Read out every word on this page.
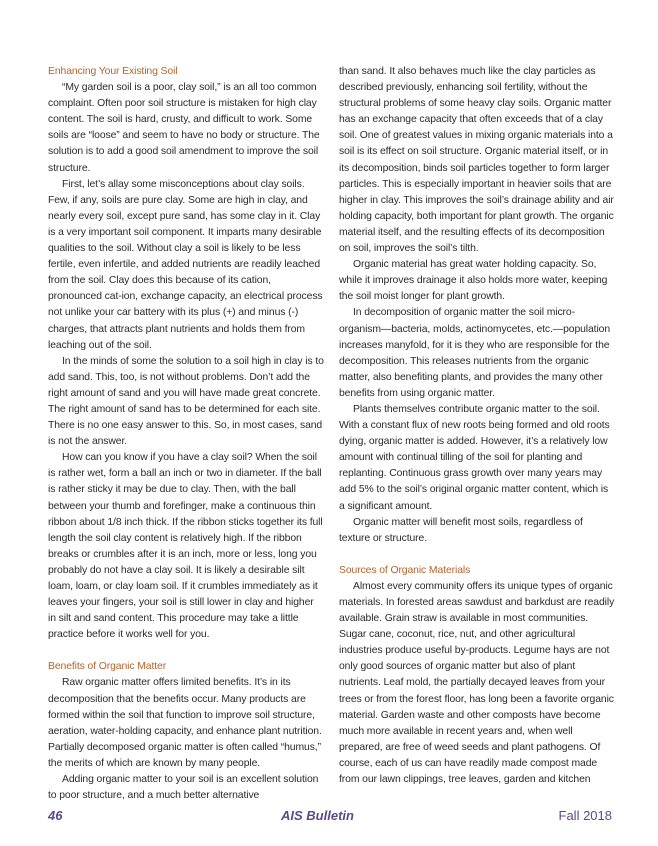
Enhancing Your Existing Soil

“My garden soil is a poor, clay soil,” is an all too common complaint. Often poor soil structure is mistaken for high clay content. The soil is hard, crusty, and difficult to work. Some soils are “loose” and seem to have no body or structure. The solution is to add a good soil amendment to improve the soil structure.

First, let’s allay some misconceptions about clay soils. Few, if any, soils are pure clay. Some are high in clay, and nearly every soil, except pure sand, has some clay in it. Clay is a very important soil component. It imparts many desirable qualities to the soil. Without clay a soil is likely to be less fertile, even infertile, and added nutrients are readily leached from the soil. Clay does this because of its cation, pronounced cat-ion, exchange capacity, an electrical process not unlike your car battery with its plus (+) and minus (-) charges, that attracts plant nutrients and holds them from leaching out of the soil.

In the minds of some the solution to a soil high in clay is to add sand. This, too, is not without problems. Don’t add the right amount of sand and you will have made great concrete. The right amount of sand has to be determined for each site. There is no one easy answer to this. So, in most cases, sand is not the answer.

How can you know if you have a clay soil? When the soil is rather wet, form a ball an inch or two in diameter. If the ball is rather sticky it may be due to clay. Then, with the ball between your thumb and forefinger, make a continuous thin ribbon about 1/8 inch thick. If the ribbon sticks together its full length the soil clay content is relatively high. If the ribbon breaks or crumbles after it is an inch, more or less, long you probably do not have a clay soil. It is likely a desirable silt loam, loam, or clay loam soil. If it crumbles immediately as it leaves your fingers, your soil is still lower in clay and higher in silt and sand content. This procedure may take a little practice before it works well for you.

Benefits of Organic Matter

Raw organic matter offers limited benefits. It’s in its decomposition that the benefits occur. Many products are formed within the soil that function to improve soil structure, aeration, water-holding capacity, and enhance plant nutrition. Partially decomposed organic matter is often called “humus,” the merits of which are known by many people.

Adding organic matter to your soil is an excellent solution to poor structure, and a much better alternative

than sand. It also behaves much like the clay particles as described previously, enhancing soil fertility, without the structural problems of some heavy clay soils. Organic matter has an exchange capacity that often exceeds that of a clay soil. One of greatest values in mixing organic materials into a soil is its effect on soil structure. Organic material itself, or in its decomposition, binds soil particles together to form larger particles. This is especially important in heavier soils that are higher in clay. This improves the soil’s drainage ability and air holding capacity, both important for plant growth. The organic material itself, and the resulting effects of its decomposition on soil, improves the soil’s tilth.

Organic material has great water holding capacity. So, while it improves drainage it also holds more water, keeping the soil moist longer for plant growth.

In decomposition of organic matter the soil micro-organism—bacteria, molds, actinomycetes, etc.—population increases manyfold, for it is they who are responsible for the decomposition. This releases nutrients from the organic matter, also benefiting plants, and provides the many other benefits from using organic matter.

Plants themselves contribute organic matter to the soil. With a constant flux of new roots being formed and old roots dying, organic matter is added. However, it’s a relatively low amount with continual tilling of the soil for planting and replanting. Continuous grass growth over many years may add 5% to the soil’s original organic matter content, which is a significant amount.

Organic matter will benefit most soils, regardless of texture or structure.

Sources of Organic Materials

Almost every community offers its unique types of organic materials. In forested areas sawdust and barkdust are readily available. Grain straw is available in most communities. Sugar cane, coconut, rice, nut, and other agricultural industries produce useful by-products. Legume hays are not only good sources of organic matter but also of plant nutrients. Leaf mold, the partially decayed leaves from your trees or from the forest floor, has long been a favorite organic material. Garden waste and other composts have become much more available in recent years and, when well prepared, are free of weed seeds and plant pathogens. Of course, each of us can have readily made compost made from our lawn clippings, tree leaves, garden and kitchen

46	AIS Bulletin	Fall 2018
